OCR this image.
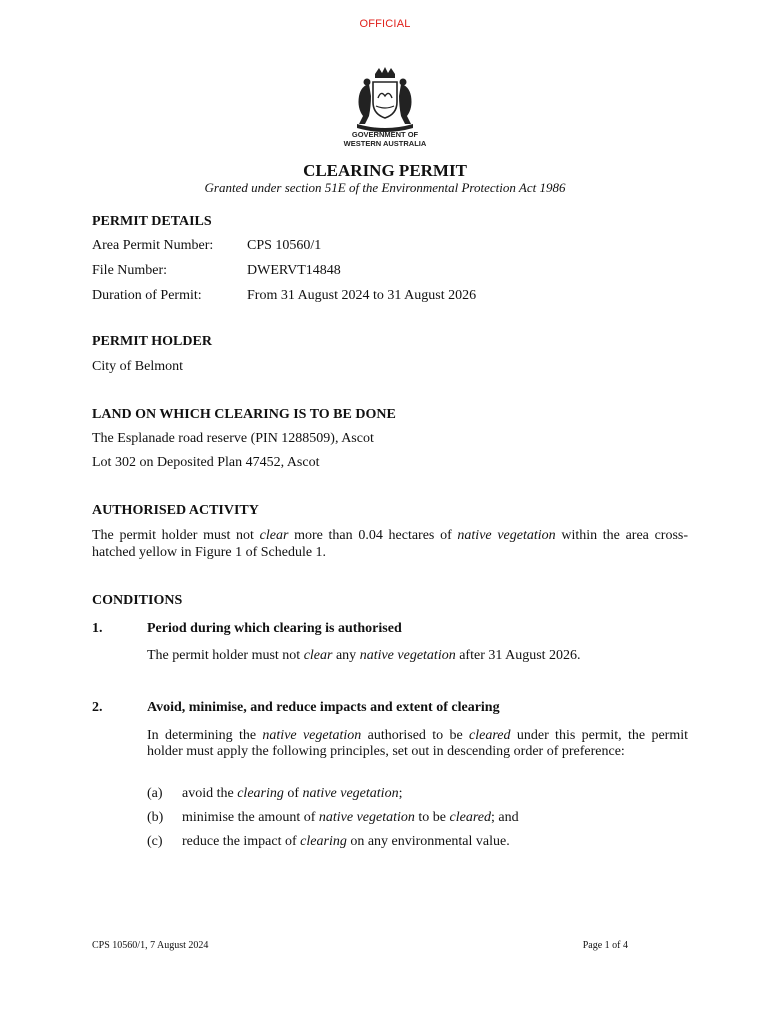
OFFICIAL
GOVERNMENT OF
WESTERN AUSTRALIA
CLEARING PERMIT
Granted under section 51E of the Environmental Protection Act 1986
PERMIT DETAILS
Area Permit Number: CPS 10560/1
File Number:	DWERVT14848
Duration of Permit:	From 31 August 2024 to 31 August 2026
PERMIT HOLDER
City of Belmont
LAND ON WHICH CLEARING IS TO BE DONE
The Esplanade road reserve (PIN 1288509), Ascot
Lot 302 on Deposited Plan 47452, Ascot
AUTHORISED ACTIVITY
The permit holder must not clear more than 0.04 hectares of native vegetation within the area cross-hatched yellow in Figure 1 of Schedule 1.
CONDITIONS
1.	Period during which clearing is authorised
The permit holder must not clear any native vegetation after 31 August 2026.
2.	Avoid, minimise, and reduce impacts and extent of clearing
In determining the native vegetation authorised to be cleared under this permit, the permit holder must apply the following principles, set out in descending order of preference:
(a) avoid the clearing of native vegetation;
(b) minimise the amount of native vegetation to be cleared; and
(c) reduce the impact of clearing on any environmental value.
CPS 10560/1, 7 August 2024	Page 1 of 4
